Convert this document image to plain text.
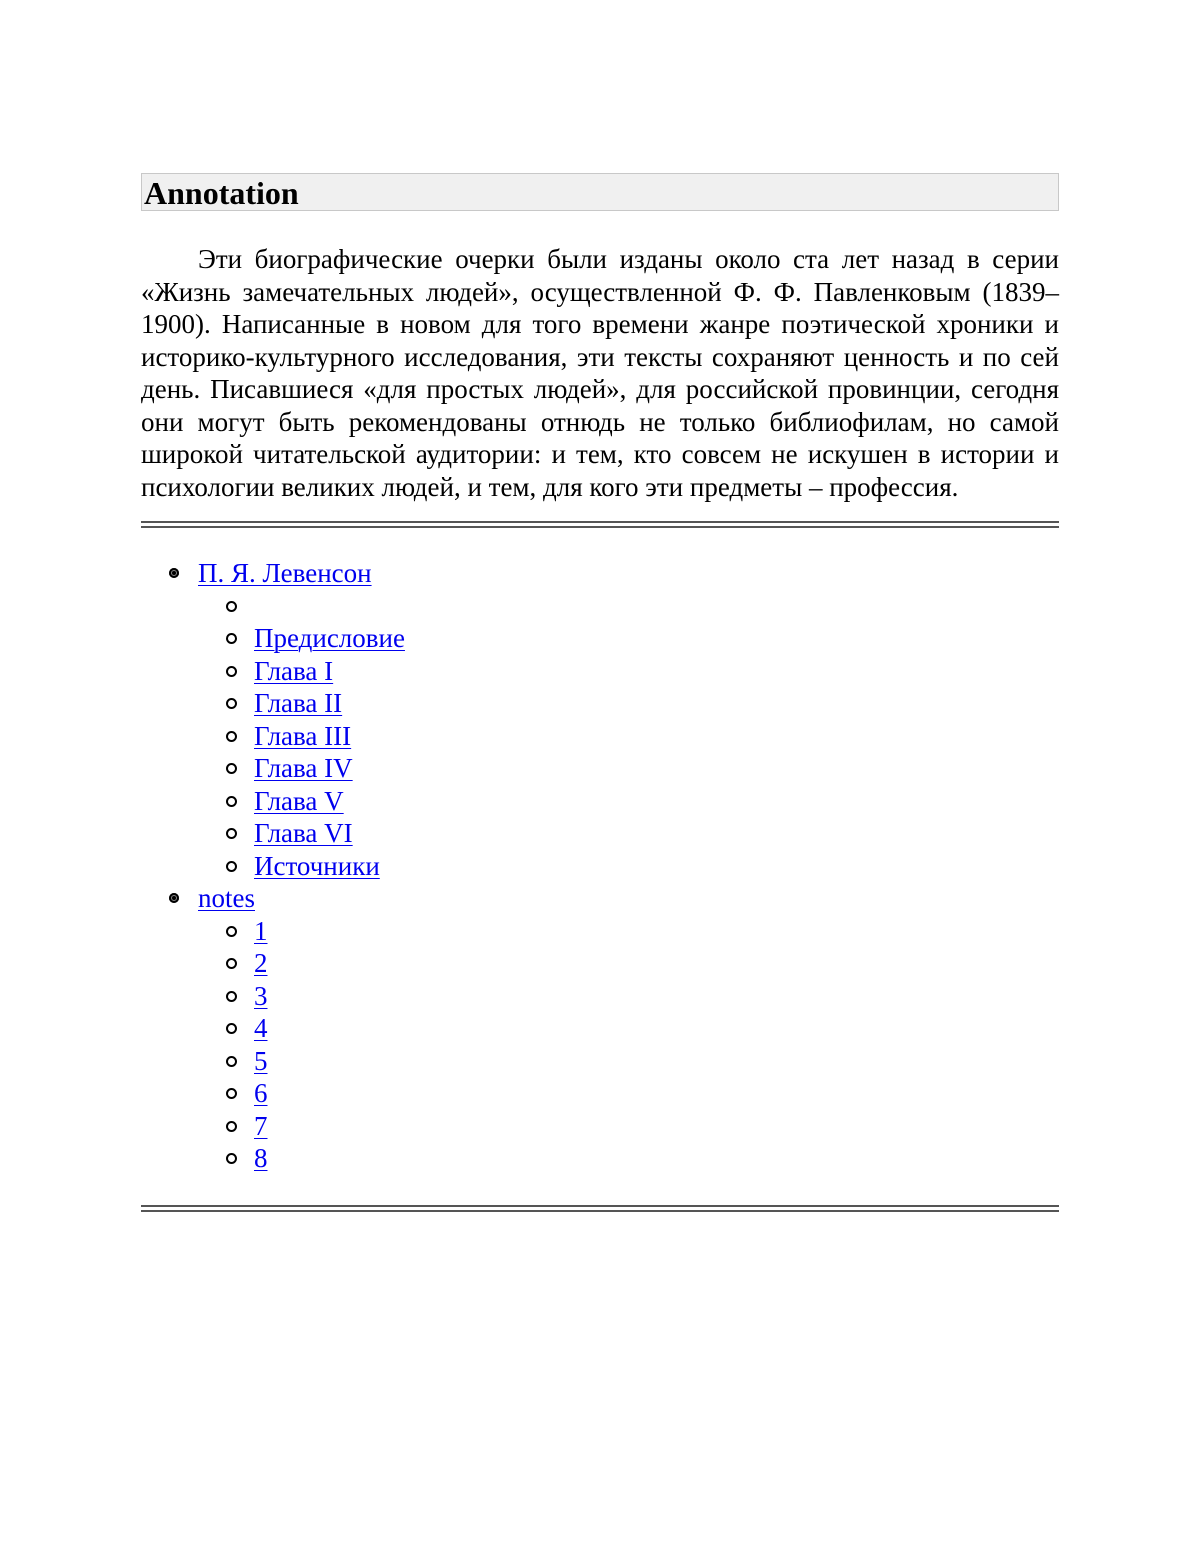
Annotation

Эти биографические очерки были изданы около ста лет назад в серии «Жизнь замечательных людей», осуществленной Ф. Ф. Павленковым (1839–1900). Написанные в новом для того времени жанре поэтической хроники и историко-культурного исследования, эти тексты сохраняют ценность и по сей день. Писавшиеся «для простых людей», для российской провинции, сегодня они могут быть рекомендованы отнюдь не только библиофилам, но самой широкой читательской аудитории: и тем, кто совсем не искушен в истории и психологии великих людей, и тем, для кого эти предметы – профессия.

П. Я. Левенсон
Предисловие
Глава I
Глава II
Глава III
Глава IV
Глава V
Глава VI
Источники
notes
1
2
3
4
5
6
7
8
